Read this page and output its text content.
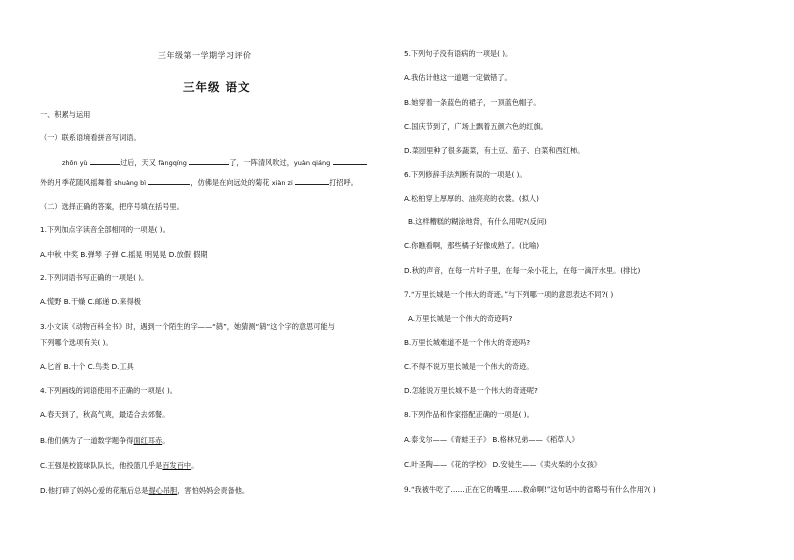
三年级第一学期学习评价
三年级 语文
一、积累与运用
（一）联系语境看拼音写词语。
zhōn yù	过后，天又 fàngqíng	了，一阵清风吹过，yuàn qiáng
外的月季花随风摇舞着 shuàng bì	，仿佛是在向远处的菊花 xiàn zi	打招呼。
（二）选择正确的答案，把序号填在括号里。
1.下列加点字读音全部相同的一项是( )。
A.中秋 中奖 B.弹琴 子弹 C.摇晃 明晃晃 D.放假 假期
2.下列词语书写正确的一项是( )。
A.慌野 B.干燥 C.邮递 D.来得极
3.小文读《动物百科全书》时，遇到一个陌生的字——“鸫”，她猜测“鸫”这个字的意思可能与
下列哪个选项有关( )。
A.匕首 B.十个 C.鸟类 D.工具
4.下列画线的词语使用不正确的一项是( )。
A.春天到了，秋高气爽，最适合去郊餐。
B.他们俩为了一道数学题争得面红耳赤。
C.王强是校篮球队队长，他投篮几乎是百发百中。
D.他打碎了妈妈心爱的花瓶后总是提心吊胆，害怕妈妈会责备他。
5.下列句子没有语病的一项是( )。
A.我估计他这一道题一定做错了。
B.她穿着一条蓝色的裙子，一顶蓝色帽子。
C.国庆节到了，广场上飘着五颜六色的红旗。
D.菜园里种了很多蔬菜，有土豆、茄子、白菜和西红柿。
6.下列修辞手法判断有误的一项是( )。
A.松柏穿上厚厚的、油亮亮的衣裳。(拟人)
B.这样糟糕的糊涂地背，有什么用呢?(反问)
C.你瞧看啊，那些橘子好像成熟了。(比喻)
D.秋的声音，在每一片叶子里，在每一朵小花上，在每一滴汗水里。(排比)
7.“万里长城是一个伟大的奇迹。”与下列哪一项的意思表达不同?( )
A.万里长城是一个伟大的奇迹吗?
B.万里长城难道不是一个伟大的奇迹吗?
C.不得不说万里长城是一个伟大的奇迹。
D.怎能说万里长城不是一个伟大的奇迹呢?
8.下列作品和作家搭配正确的一项是( )。
A.泰戈尔——《青蛙王子》 B.格林兄弟——《稻草人》
C.叶圣陶——《花的学校》 D.安徒生——《卖火柴的小女孩》
9.“我被牛吃了……正在它的嘴里……救命啊!”这句话中的省略号有什么作用?( )
